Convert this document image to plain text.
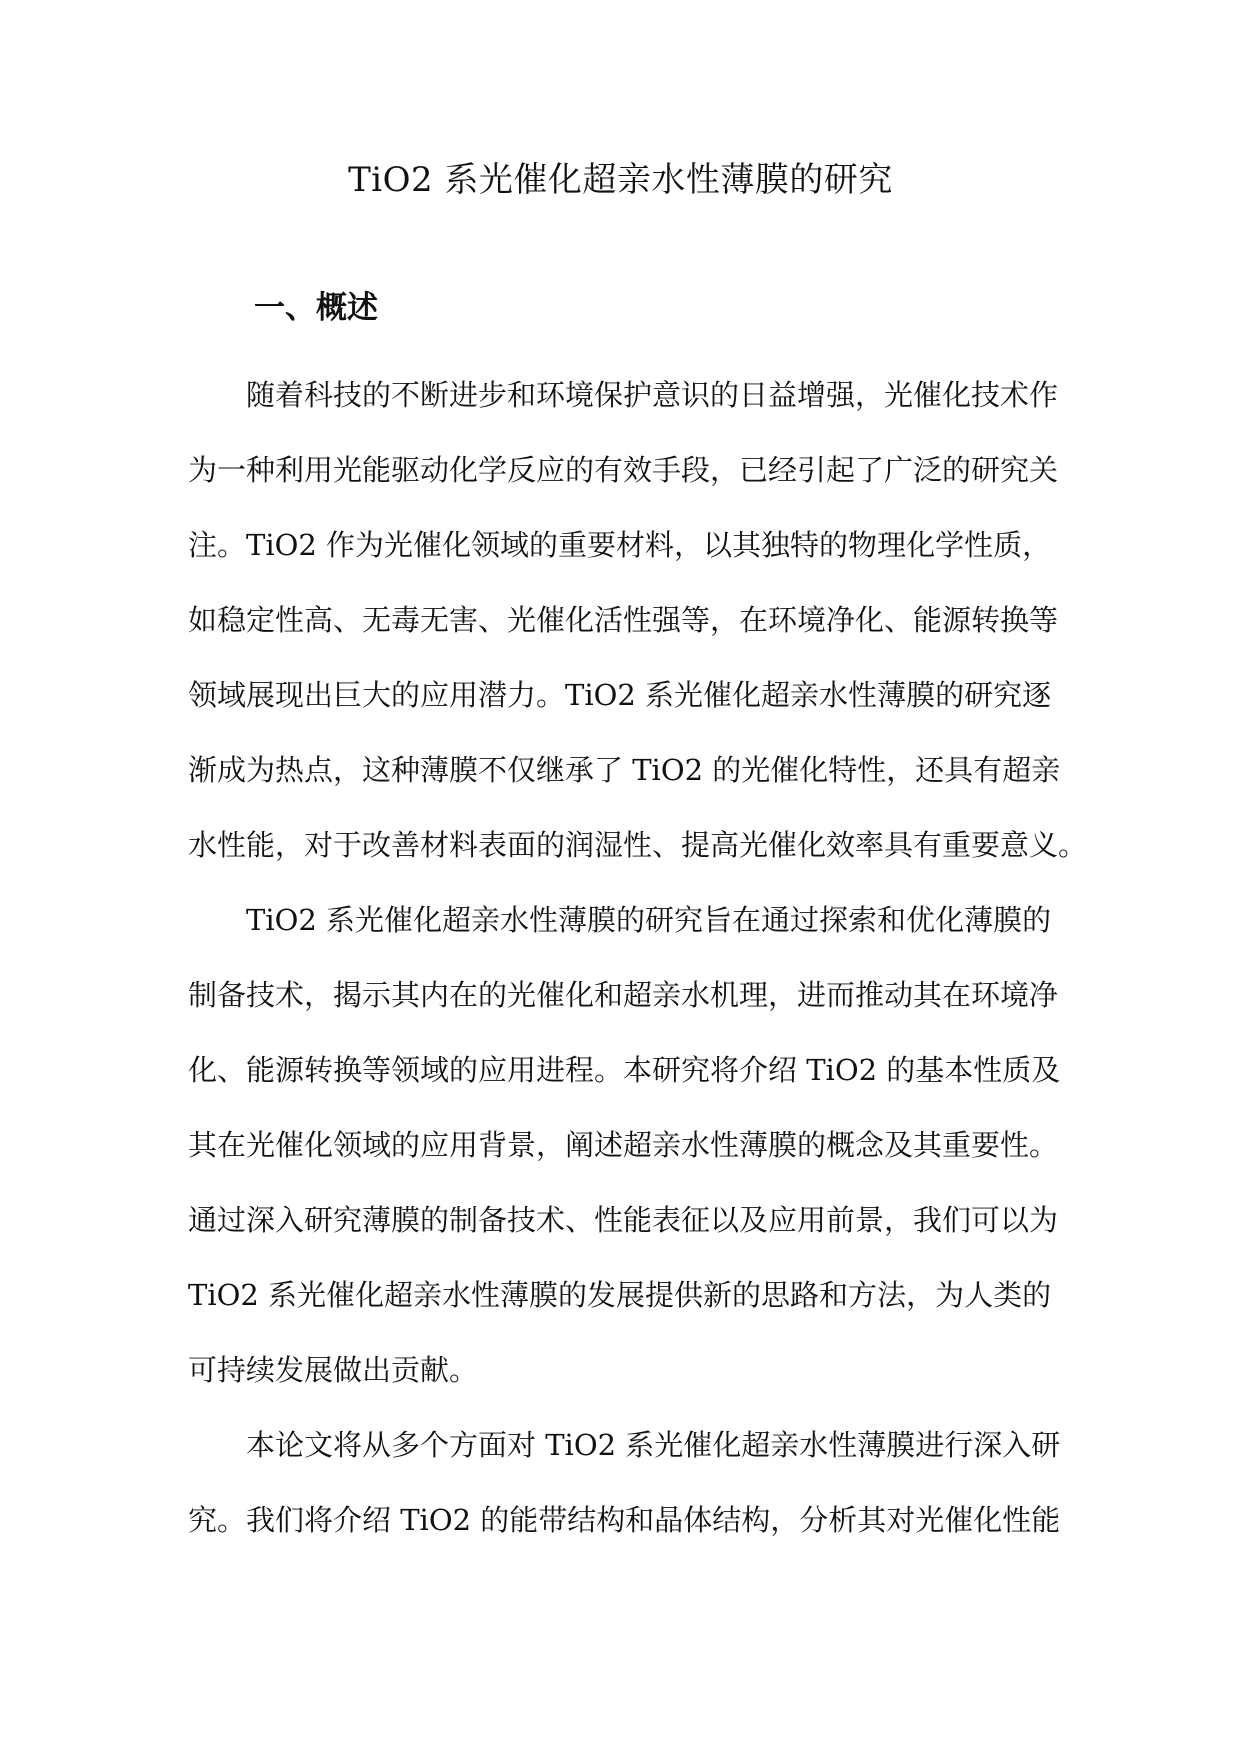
TiO2 系光催化超亲水性薄膜的研究
一、概述
随着科技的不断进步和环境保护意识的日益增强，光催化技术作
为一种利用光能驱动化学反应的有效手段，已经引起了广泛的研究关
注。TiO2 作为光催化领域的重要材料，以其独特的物理化学性质，
如稳定性高、无毒无害、光催化活性强等，在环境净化、能源转换等
领域展现出巨大的应用潜力。TiO2 系光催化超亲水性薄膜的研究逐
渐成为热点，这种薄膜不仅继承了 TiO2 的光催化特性，还具有超亲
水性能，对于改善材料表面的润湿性、提高光催化效率具有重要意义。
TiO2 系光催化超亲水性薄膜的研究旨在通过探索和优化薄膜的
制备技术，揭示其内在的光催化和超亲水机理，进而推动其在环境净
化、能源转换等领域的应用进程。本研究将介绍 TiO2 的基本性质及
其在光催化领域的应用背景，阐述超亲水性薄膜的概念及其重要性。
通过深入研究薄膜的制备技术、性能表征以及应用前景，我们可以为
TiO2 系光催化超亲水性薄膜的发展提供新的思路和方法，为人类的
可持续发展做出贡献。
本论文将从多个方面对 TiO2 系光催化超亲水性薄膜进行深入研
究。我们将介绍 TiO2 的能带结构和晶体结构，分析其对光催化性能
